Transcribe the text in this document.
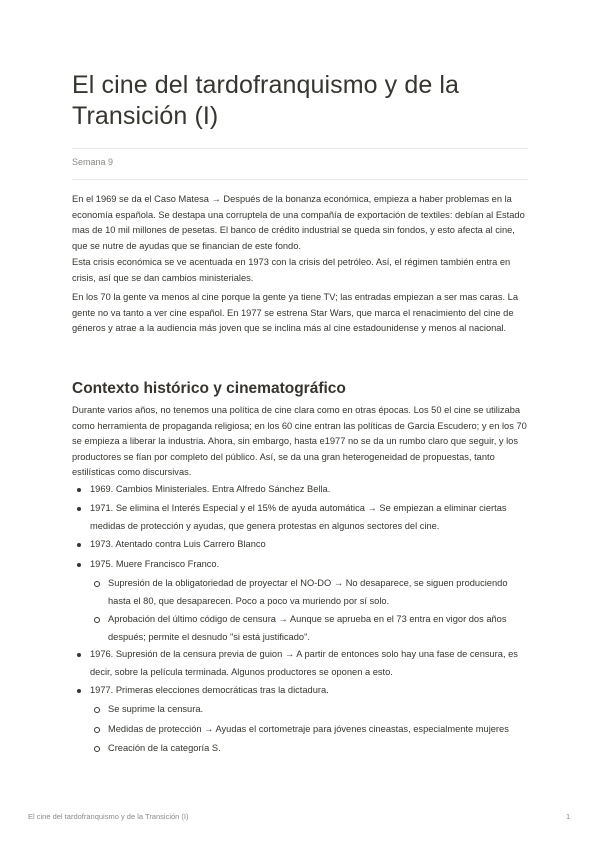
El cine del tardofranquismo y de la Transición (I)
Semana 9

En el 1969 se da el Caso Matesa → Después de la bonanza económica, empieza a haber problemas en la economía española. Se destapa una corruptela de una compañía de exportación de textiles: debían al Estado mas de 10 mil millones de pesetas. El banco de crédito industrial se queda sin fondos, y esto afecta al cine, que se nutre de ayudas que se financian de este fondo.

Esta crisis económica se ve acentuada en 1973 con la crisis del petróleo. Así, el régimen también entra en crisis, así que se dan cambios ministeriales.

En los 70 la gente va menos al cine porque la gente ya tiene TV; las entradas empiezan a ser mas caras. La gente no va tanto a ver cine español. En 1977 se estrena Star Wars, que marca el renacimiento del cine de géneros y atrae a la audiencia más joven que se inclina más al cine estadounidense y menos al nacional.

Contexto histórico y cinematográfico

Durante varios años, no tenemos una política de cine clara como en otras épocas. Los 50 el cine se utilizaba como herramienta de propaganda religiosa; en los 60 cine entran las políticas de Garcia Escudero; y en los 70 se empieza a liberar la industria. Ahora, sin embargo, hasta e1977 no se da un rumbo claro que seguir, y los productores se fían por completo del público. Así, se da una gran heterogeneidad de propuestas, tanto estilísticas como discursivas.

1969. Cambios Ministeriales. Entra Alfredo Sánchez Bella.
1971. Se elimina el Interés Especial y el 15% de ayuda automática → Se empiezan a eliminar ciertas medidas de protección y ayudas, que genera protestas en algunos sectores del cine.
1973. Atentado contra Luis Carrero Blanco
1975. Muere Francisco Franco.
Supresión de la obligatoriedad de proyectar el NO-DO → No desaparece, se siguen produciendo hasta el 80, que desaparecen. Poco a poco va muriendo por sí solo.
Aprobación del último código de censura → Aunque se aprueba en el 73 entra en vigor dos años después; permite el desnudo "si está justificado".
1976. Supresión de la censura previa de guion → A partir de entonces solo hay una fase de censura, es decir, sobre la película terminada. Algunos productores se oponen a esto.
1977. Primeras elecciones democráticas tras la dictadura.
Se suprime la censura.
Medidas de protección → Ayudas el cortometraje para jóvenes cineastas, especialmente mujeres
Creación de la categoría S.
El cine del tardofranquismo y de la Transición (I)	1
